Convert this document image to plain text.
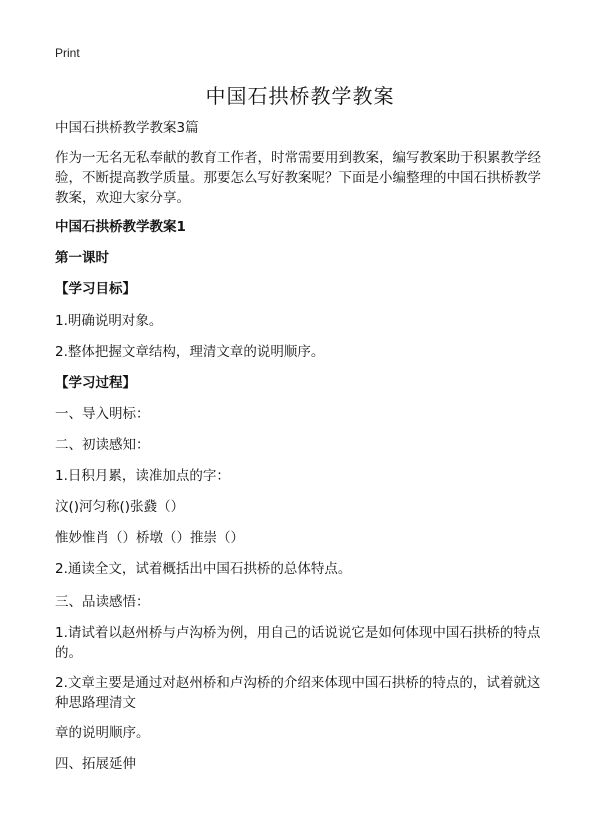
Print
中国石拱桥教学教案
中国石拱桥教学教案3篇
作为一无名无私奉献的教育工作者，时常需要用到教案，编写教案助于积累教学经
验，不断提高教学质量。那要怎么写好教案呢？下面是小编整理的中国石拱桥教学
教案，欢迎大家分享。
中国石拱桥教学教案1
第一课时
【学习目标】
1.明确说明对象。
2.整体把握文章结构，理清文章的说明顺序。
【学习过程】
一、导入明标：
二、初读感知：
1.日积月累，读准加点的字：
汶()河匀称()张鼗（）
惟妙惟肖（）桥墩（）推崇（）
2.通读全文，试着概括出中国石拱桥的总体特点。
三、品读感悟：
1.请试着以赵州桥与卢沟桥为例，用自己的话说说它是如何体现中国石拱桥的特点
的。
2.文章主要是通过对赵州桥和卢沟桥的介绍来体现中国石拱桥的特点的，试着就这
种思路理清文
章的说明顺序。
四、拓展延伸
